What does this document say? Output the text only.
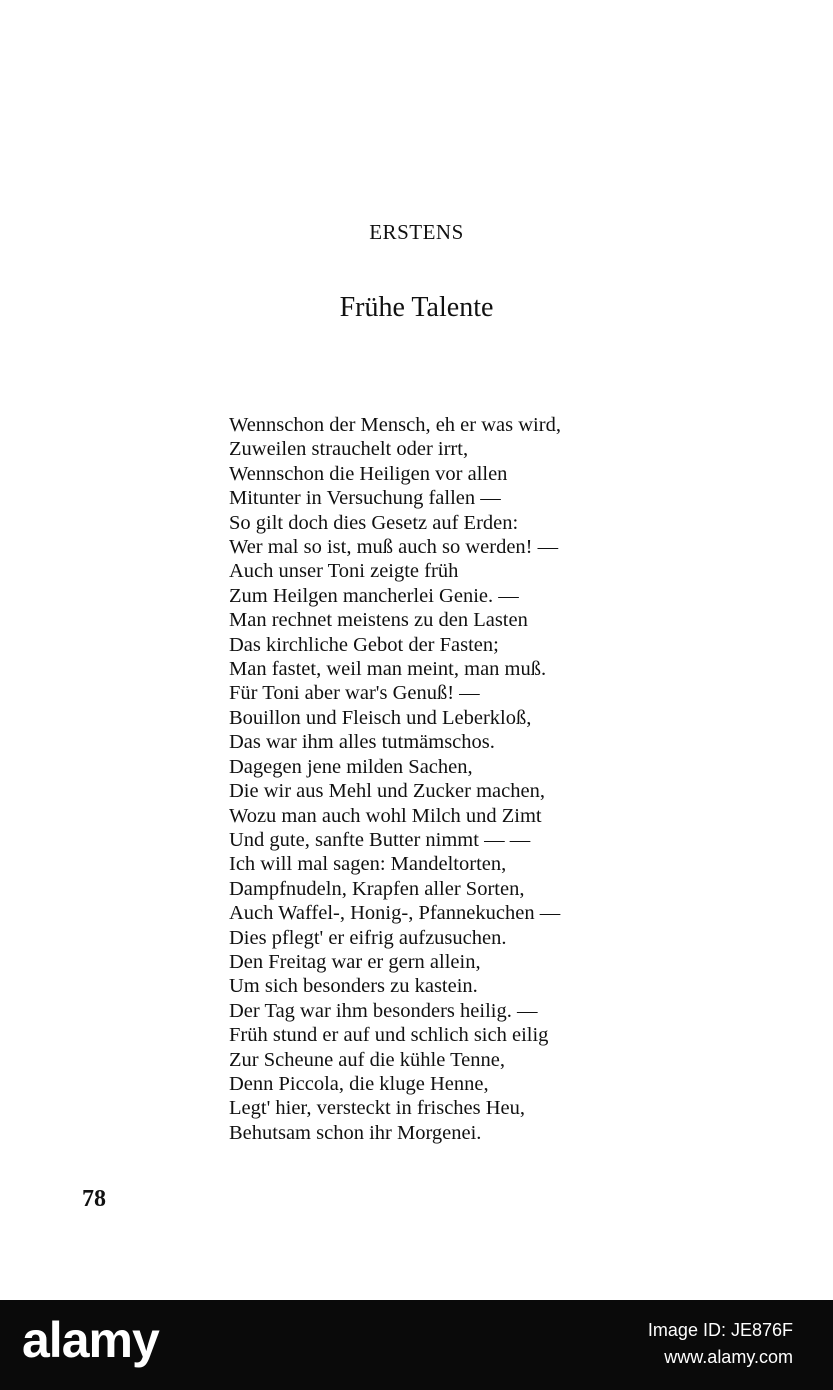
ERSTENS
Frühe Talente
Wennschon der Mensch, eh er was wird,
Zuweilen strauchelt oder irrt,
Wennschon die Heiligen vor allen
Mitunter in Versuchung fallen —
So gilt doch dies Gesetz auf Erden:
Wer mal so ist, muß auch so werden! —
Auch unser Toni zeigte früh
Zum Heilgen mancherlei Genie. —
Man rechnet meistens zu den Lasten
Das kirchliche Gebot der Fasten;
Man fastet, weil man meint, man muß.
Für Toni aber war's Genuß! —
Bouillon und Fleisch und Leberkloß,
Das war ihm alles tutmämschos.
Dagegen jene milden Sachen,
Die wir aus Mehl und Zucker machen,
Wozu man auch wohl Milch und Zimt
Und gute, sanfte Butter nimmt — —
Ich will mal sagen: Mandeltorten,
Dampfnudeln, Krapfen aller Sorten,
Auch Waffel-, Honig-, Pfannekuchen —
Dies pflegt' er eifrig aufzusuchen.
Den Freitag war er gern allein,
Um sich besonders zu kastein.
Der Tag war ihm besonders heilig. —
Früh stund er auf und schlich sich eilig
Zur Scheune auf die kühle Tenne,
Denn Piccola, die kluge Henne,
Legt' hier, versteckt in frisches Heu,
Behutsam schon ihr Morgenei.
78
alamy	Image ID: JE876F
www.alamy.com
